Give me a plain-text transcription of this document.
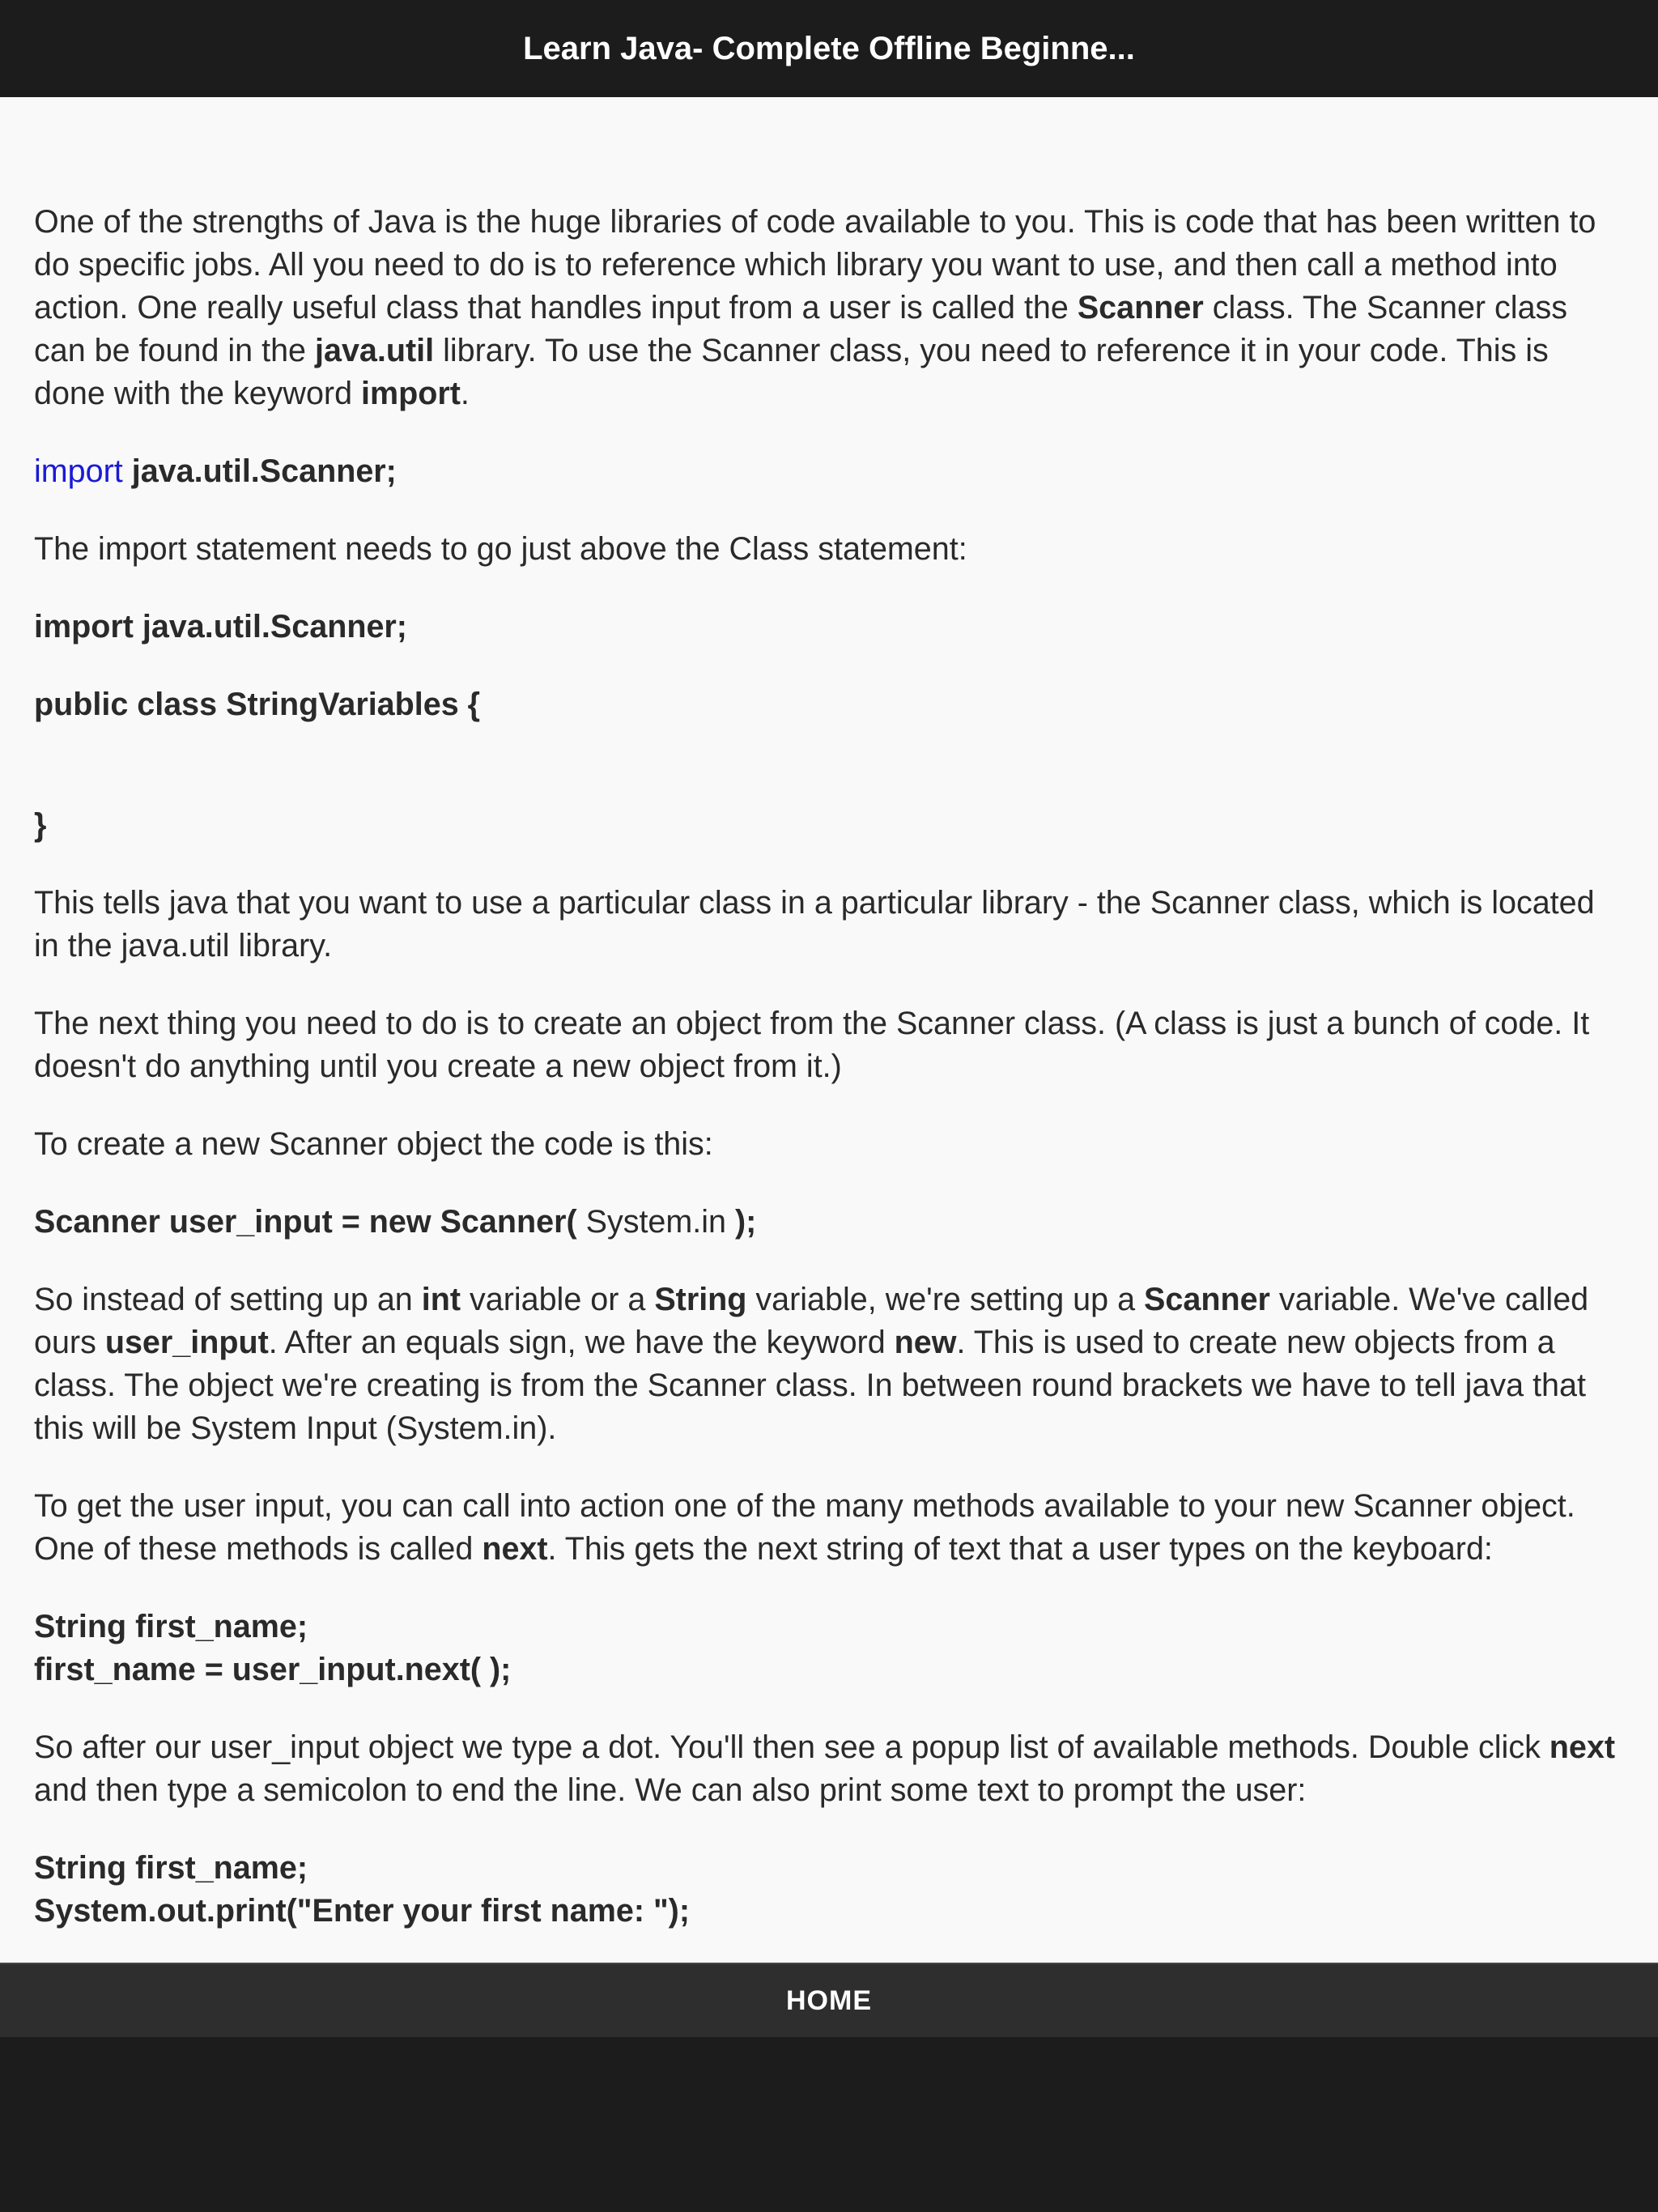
Learn Java- Complete Offline Beginne...

One of the strengths of Java is the huge libraries of code available to you. This is code that has been written to do specific jobs. All you need to do is to reference which library you want to use, and then call a method into action. One really useful class that handles input from a user is called the Scanner class. The Scanner class can be found in the java.util library. To use the Scanner class, you need to reference it in your code. This is done with the keyword import.

import java.util.Scanner;

The import statement needs to go just above the Class statement:

import java.util.Scanner;

public class StringVariables {

}

This tells java that you want to use a particular class in a particular library - the Scanner class, which is located in the java.util library.

The next thing you need to do is to create an object from the Scanner class. (A class is just a bunch of code. It doesn't do anything until you create a new object from it.)

To create a new Scanner object the code is this:

Scanner user_input = new Scanner( System.in );

So instead of setting up an int variable or a String variable, we're setting up a Scanner variable. We've called ours user_input. After an equals sign, we have the keyword new. This is used to create new objects from a class. The object we're creating is from the Scanner class. In between round brackets we have to tell java that this will be System Input (System.in).

To get the user input, you can call into action one of the many methods available to your new Scanner object. One of these methods is called next. This gets the next string of text that a user types on the keyboard:

String first_name;
first_name = user_input.next( );

So after our user_input object we type a dot. You'll then see a popup list of available methods. Double click next and then type a semicolon to end the line. We can also print some text to prompt the user:

String first_name;
System.out.print("Enter your first name: ");

HOME
